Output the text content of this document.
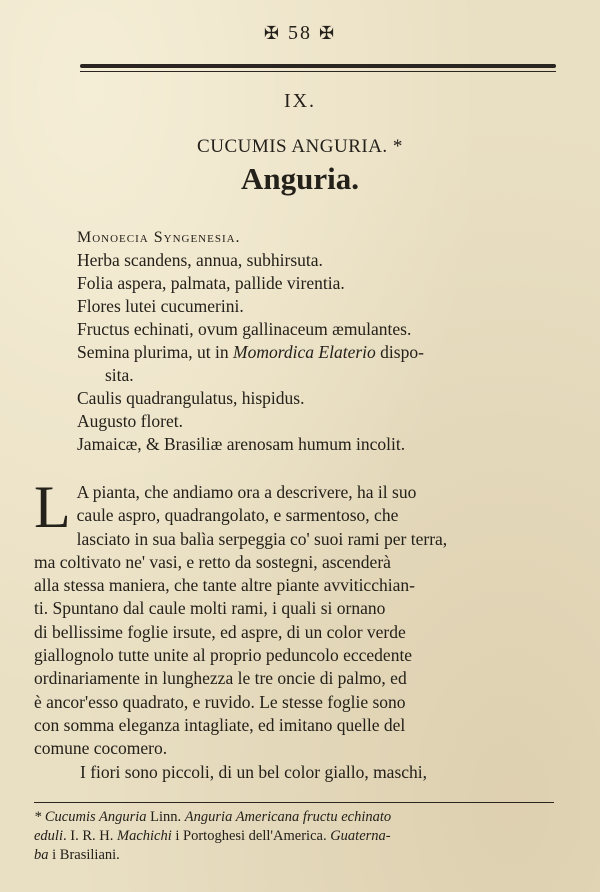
✠ 58 ✠
IX.
CUCUMIS ANGURIA. *
Anguria.
Monoecia Syngenesia.
Herba scandens, annua, subhirsuta.
Folia aspera, palmata, pallide virentia.
Flores lutei cucumerini.
Fructus echinati, ovum gallinaceum æmulantes.
Semina plurima, ut in Momordica Elaterio dispo-
sita.
Caulis quadrangulatus, hispidus.
Augusto floret.
Jamaicæ, & Brasiliæ arenosam humum incolit.
L A pianta, che andiamo ora a descrivere, ha il suo
caule aspro, quadrangolato, e sarmentoso, che
lasciato in sua balìa serpeggia co' suoi rami per terra,
ma coltivato ne' vasi, e retto da sostegni, ascenderà
alla stessa maniera, che tante altre piante avviticchian-
ti. Spuntano dal caule molti rami, i quali si ornano
di bellissime foglie irsute, ed aspre, di un color verde
giallognolo tutte unite al proprio peduncolo eccedente
ordinariamente in lunghezza le tre oncie di palmo, ed
è ancor'esso quadrato, e ruvido. Le stesse foglie sono
con somma eleganza intagliate, ed imitano quelle del
comune cocomero.
I fiori sono piccoli, di un bel color giallo, maschi,
* Cucumis Anguria Linn. Anguria Americana fructu echinato
eduli. I. R. H. Machichi i Portoghesi dell'America. Guaterna-
ba i Brasiliani.
